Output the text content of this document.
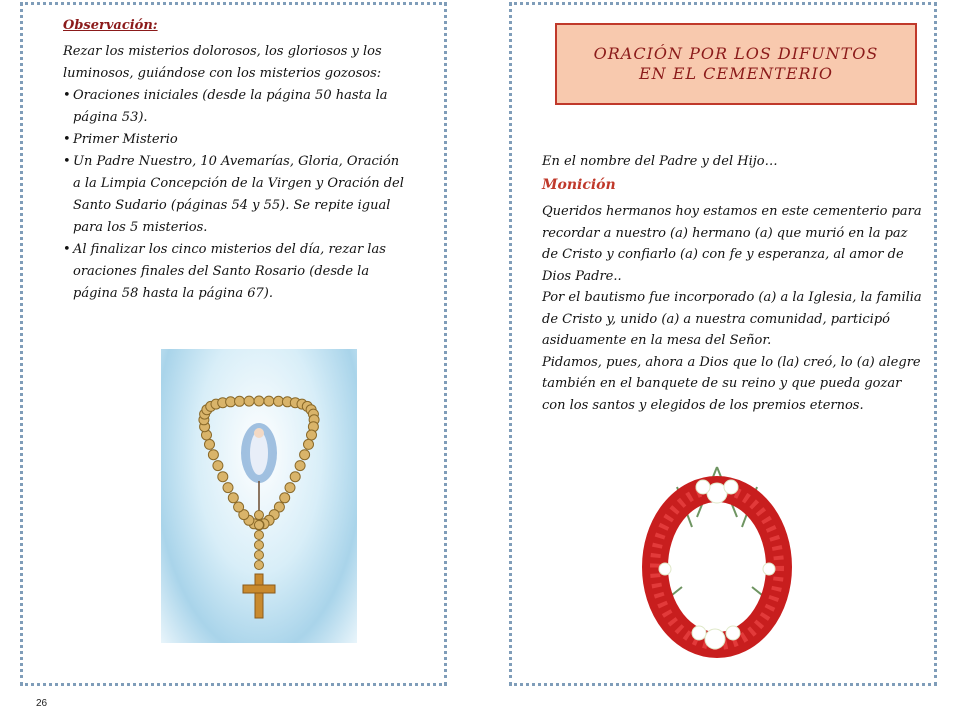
Observación:

Rezar los misterios dolorosos, los gloriosos y los luminosos, guiándose con los misterios gozosos:

• Oraciones iniciales (desde la página 50 hasta la página 53).
• Primer Misterio
• Un Padre Nuestro, 10 Avemarías, Gloria, Oración a la Limpia Concepción de la Virgen y Oración del Santo Sudario (páginas 54 y 55). Se repite igual para los 5 misterios.
• Al finalizar los cinco misterios del día, rezar las oraciones finales del Santo Rosario (desde la página 58 hasta la página 67).
ORACIÓN POR LOS DIFUNTOS
EN EL CEMENTERIO
En el nombre del Padre y del Hijo…
Monición

Queridos hermanos hoy estamos en este cementerio para recordar a nuestro (a) hermano (a) que murió en la paz de Cristo y confiarlo (a) con fe y esperanza, al amor de Dios Padre..

Por el bautismo fue incorporado (a) a la Iglesia, la familia de Cristo y, unido (a) a nuestra comunidad, participó asiduamente en la mesa del Señor.

Pidamos, pues, ahora a Dios que lo (la) creó, lo (a) alegre también en el banquete de su reino y que pueda gozar con los santos y elegidos de los premios eternos.

26
